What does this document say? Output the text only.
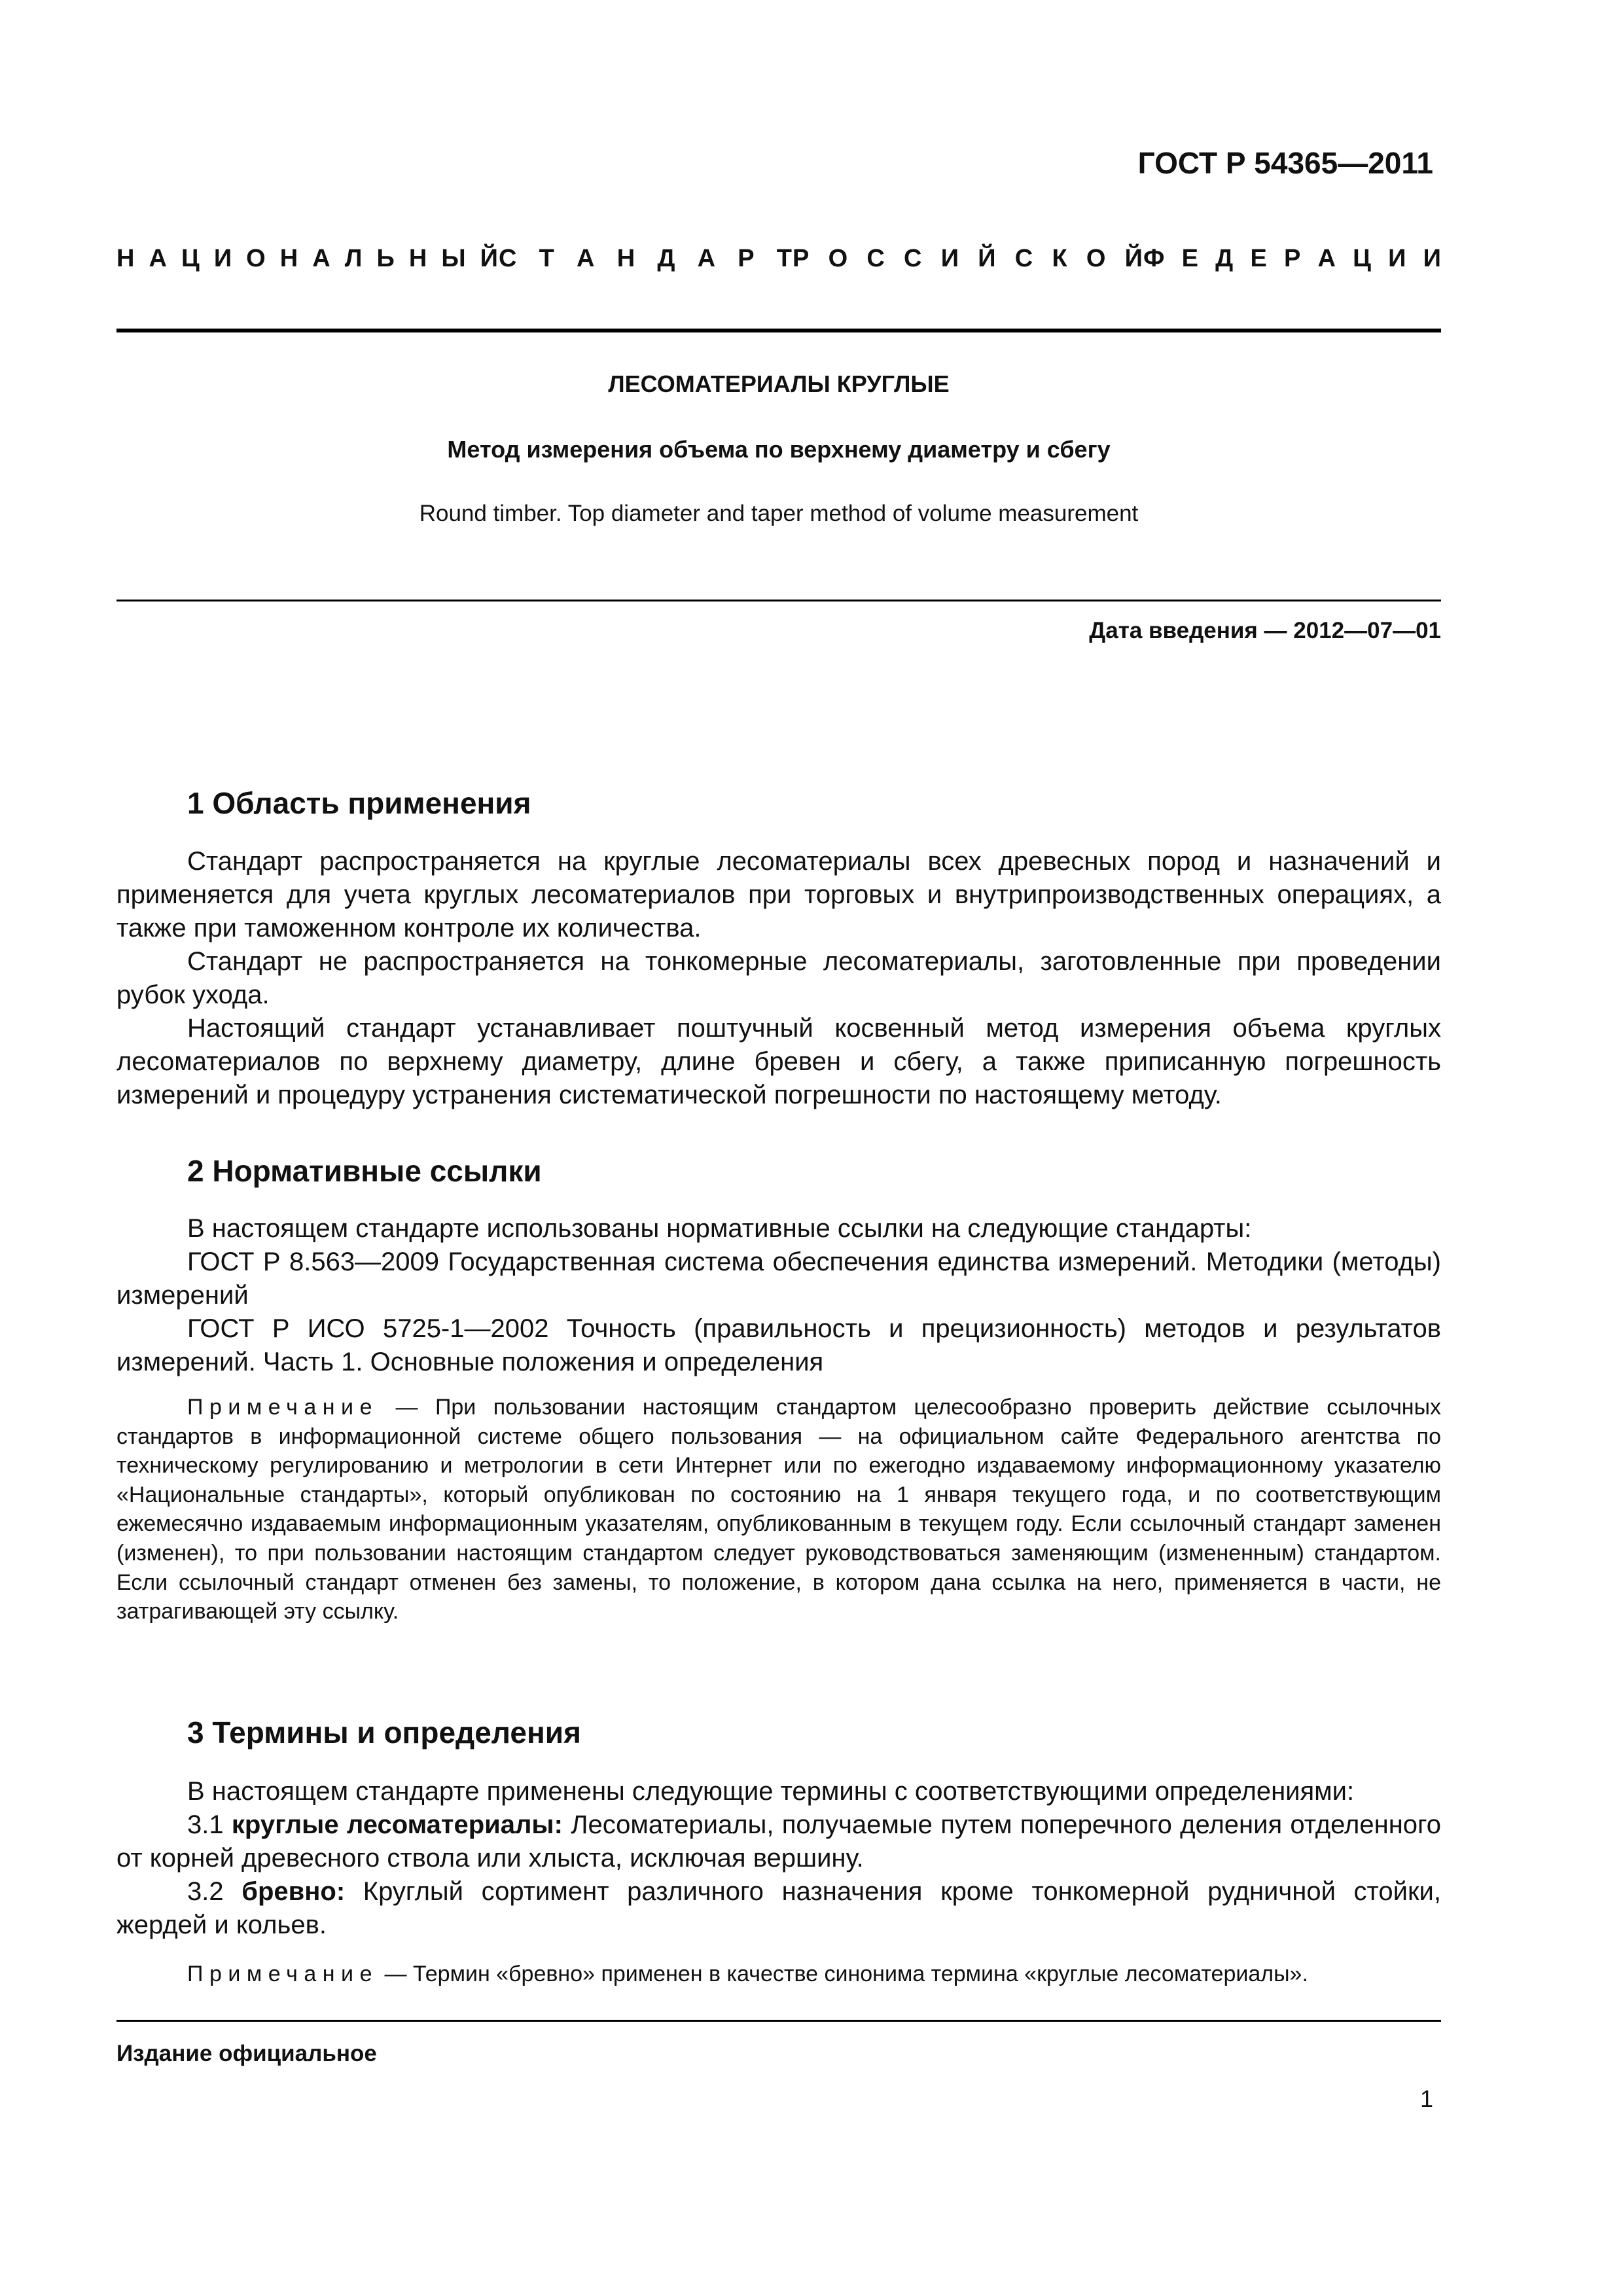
ГОСТ Р 54365—2011
Н А Ц И О Н А Л Ь Н Ы Й С Т А Н Д А Р Т Р О С С И Й С К О Й Ф Е Д Е Р А Ц И И
ЛЕСОМАТЕРИАЛЫ КРУГЛЫЕ
Метод измерения объема по верхнему диаметру и сбегу
Round timber. Top diameter and taper method of volume measurement
Дата введения — 2012—07—01
1 Область применения

Стандарт распространяется на круглые лесоматериалы всех древесных пород и назначений и применяется для учета круглых лесоматериалов при торговых и внутрипроизводственных операциях, а также при таможенном контроле их количества.

Стандарт не распространяется на тонкомерные лесоматериалы, заготовленные при проведении рубок ухода.

Настоящий стандарт устанавливает поштучный косвенный метод измерения объема круглых лесоматериалов по верхнему диаметру, длине бревен и сбегу, а также приписанную погрешность измерений и процедуру устранения систематической погрешности по настоящему методу.

2 Нормативные ссылки

В настоящем стандарте использованы нормативные ссылки на следующие стандарты:

ГОСТ Р 8.563—2009 Государственная система обеспечения единства измерений. Методики (методы) измерений

ГОСТ Р ИСО 5725-1—2002 Точность (правильность и прецизионность) методов и результатов измерений. Часть 1. Основные положения и определения

Примечание — При пользовании настоящим стандартом целесообразно проверить действие ссылочных стандартов в информационной системе общего пользования — на официальном сайте Федерального агентства по техническому регулированию и метрологии в сети Интернет или по ежегодно издаваемому информационному указателю «Национальные стандарты», который опубликован по состоянию на 1 января текущего года, и по соответствующим ежемесячно издаваемым информационным указателям, опубликованным в текущем году. Если ссылочный стандарт заменен (изменен), то при пользовании настоящим стандартом следует руководствоваться заменяющим (измененным) стандартом. Если ссылочный стандарт отменен без замены, то положение, в котором дана ссылка на него, применяется в части, не затрагивающей эту ссылку.

3 Термины и определения

В настоящем стандарте применены следующие термины с соответствующими определениями:

3.1 круглые лесоматериалы: Лесоматериалы, получаемые путем поперечного деления отделенного от корней древесного ствола или хлыста, исключая вершину.

3.2 бревно: Круглый сортимент различного назначения кроме тонкомерной рудничной стойки, жердей и кольев.

Примечание — Термин «бревно» применен в качестве синонима термина «круглые лесоматериалы».

Издание официальное
1
